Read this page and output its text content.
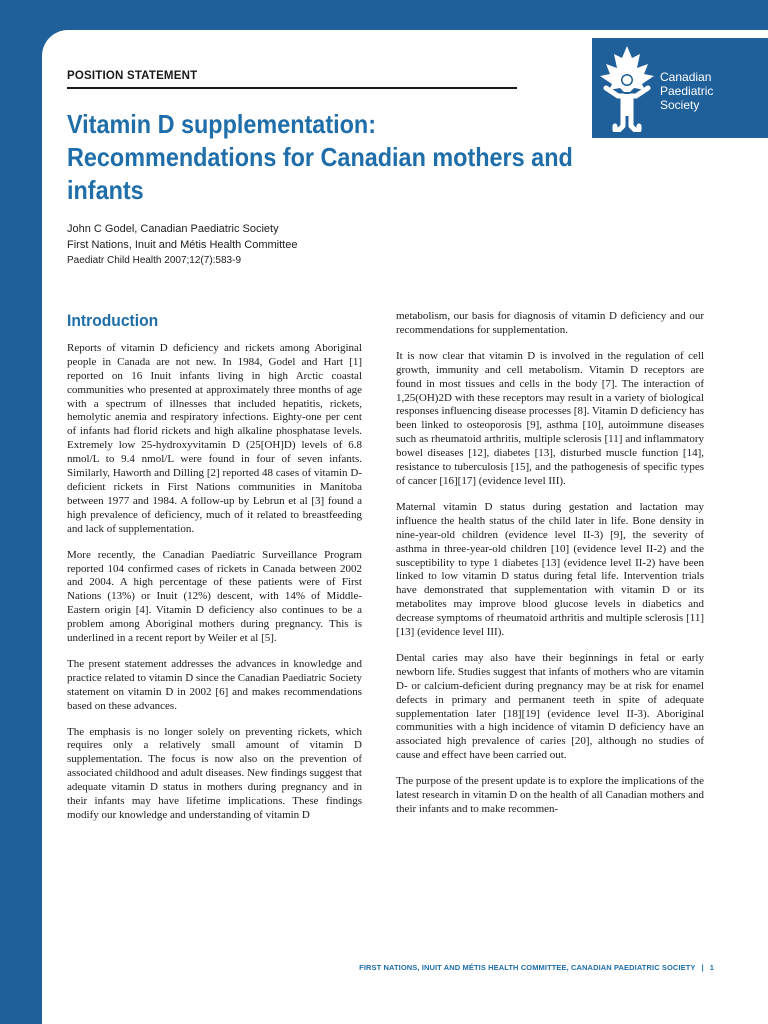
POSITION STATEMENT	Canadian
Paediatric
Society
Vitamin D supplementation:
Recommendations for Canadian mothers and
infants
John C Godel, Canadian Paediatric Society
First Nations, Inuit and Métis Health Committee
Paediatr Child Health 2007;12(7):583-9
Introduction

Reports of vitamin D deficiency and rickets among Aboriginal people in Canada are not new. In 1984, Godel and Hart [1] reported on 16 Inuit infants living in high Arctic coastal communities who presented at approximately three months of age with a spectrum of illnesses that included hepatitis, rickets, hemolytic anemia and respiratory infections. Eighty-one per cent of infants had florid rickets and high alkaline phosphatase levels. Extremely low 25-hydroxyvitamin D (25[OH]D) levels of 6.8 nmol/L to 9.4 nmol/L were found in four of seven infants. Similarly, Haworth and Dilling [2] reported 48 cases of vitamin D-deficient rickets in First Nations communities in Manitoba between 1977 and 1984. A follow-up by Lebrun et al [3] found a high prevalence of deficiency, much of it related to breastfeeding and lack of supplementation.

More recently, the Canadian Paediatric Surveillance Program reported 104 confirmed cases of rickets in Canada between 2002 and 2004. A high percentage of these patients were of First Nations (13%) or Inuit (12%) descent, with 14% of Middle-Eastern origin [4]. Vitamin D deficiency also continues to be a problem among Aboriginal mothers during pregnancy. This is underlined in a recent report by Weiler et al [5].

The present statement addresses the advances in knowledge and practice related to vitamin D since the Canadian Paediatric Society statement on vitamin D in 2002 [6] and makes recommendations based on these advances.

The emphasis is no longer solely on preventing rickets, which requires only a relatively small amount of vitamin D supplementation. The focus is now also on the prevention of associated childhood and adult diseases. New findings suggest that adequate vitamin D status in mothers during pregnancy and in their infants may have lifetime implications. These findings modify our knowledge and understanding of vitamin D

metabolism, our basis for diagnosis of vitamin D deficiency and our recommendations for supplementation.

It is now clear that vitamin D is involved in the regulation of cell growth, immunity and cell metabolism. Vitamin D receptors are found in most tissues and cells in the body [7]. The interaction of 1,25(OH)2D with these receptors may result in a variety of biological responses influencing disease processes [8]. Vitamin D deficiency has been linked to osteoporosis [9], asthma [10], autoimmune diseases such as rheumatoid arthritis, multiple sclerosis [11] and inflammatory bowel diseases [12], diabetes [13], disturbed muscle function [14], resistance to tuberculosis [15], and the pathogenesis of specific types of cancer [16][17] (evidence level III).

Maternal vitamin D status during gestation and lactation may influence the health status of the child later in life. Bone density in nine-year-old children (evidence level II-3) [9], the severity of asthma in three-year-old children [10] (evidence level II-2) and the susceptibility to type 1 diabetes [13] (evidence level II-2) have been linked to low vitamin D status during fetal life. Intervention trials have demonstrated that supplementation with vitamin D or its metabolites may improve blood glucose levels in diabetics and decrease symptoms of rheumatoid arthritis and multiple sclerosis [11][13] (evidence level III).

Dental caries may also have their beginnings in fetal or early newborn life. Studies suggest that infants of mothers who are vitamin D- or calcium-deficient during pregnancy may be at risk for enamel defects in primary and permanent teeth in spite of adequate supplementation later [18][19] (evidence level II-3). Aboriginal communities with a high incidence of vitamin D deficiency have an associated high prevalence of caries [20], although no studies of cause and effect have been carried out.

The purpose of the present update is to explore the implications of the latest research in vitamin D on the health of all Canadian mothers and their infants and to make recommen-

FIRST NATIONS, INUIT AND MÉTIS HEALTH COMMITTEE, CANADIAN PAEDIATRIC SOCIETY | 1
